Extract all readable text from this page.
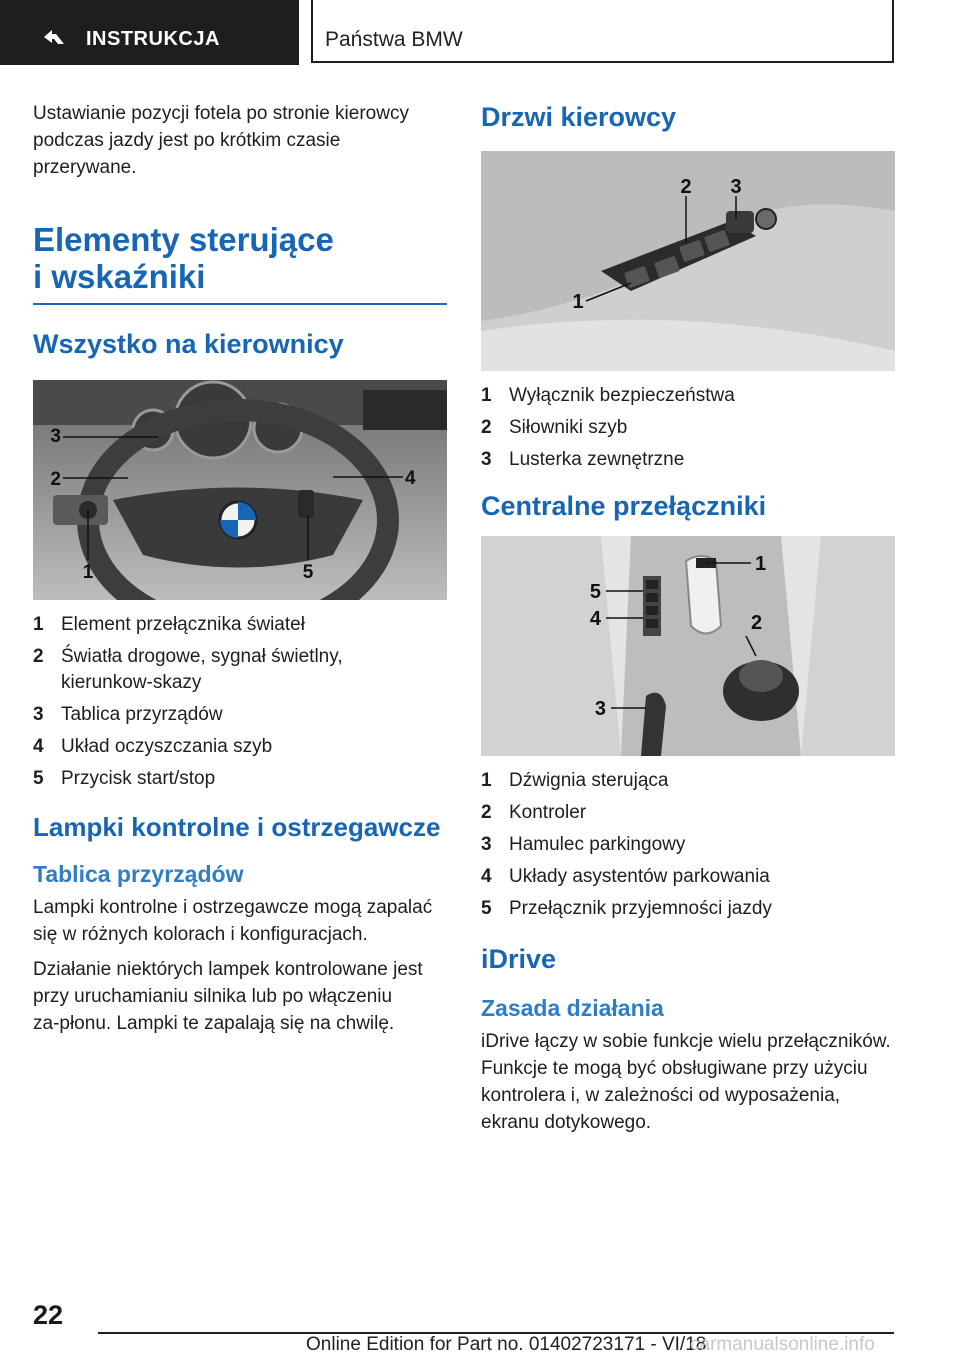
INSTRUKCJA	Państwa BMW

Ustawianie pozycji fotela po stronie kierowcy podczas jazdy jest po krótkim czasie przerywane.

Elementy sterujące
i wskaźniki
Wszystko na kierownicy
3
2	4
1	5
1 Element przełącznika świateł
2 Światła drogowe, sygnał świetlny, kierunkow‑skazy
3 Tablica przyrządów
4 Układ oczyszczania szyb
5 Przycisk start/stop
Lampki kontrolne i ostrzegawcze
Tablica przyrządów

Lampki kontrolne i ostrzegawcze mogą zapalać się w różnych kolorach i konfiguracjach.

Działanie niektórych lampek kontrolowane jest przy uruchamianiu silnika lub po włączeniu za‑płonu. Lampki te zapalają się na chwilę.

Drzwi kierowcy
2 3
1
1 Wyłącznik bezpieczeństwa
2 Siłowniki szyb
3 Lusterka zewnętrzne
Centralne przełączniki
1
2
5
4
3
1 Dźwignia sterująca
2 Kontroler
3 Hamulec parkingowy
4 Układy asystentów parkowania
5 Przełącznik przyjemności jazdy
iDrive
Zasada działania

iDrive łączy w sobie funkcje wielu przełączników. Funkcje te mogą być obsługiwane przy użyciu kontrolera i, w zależności od wyposażenia, ekranu dotykowego.

22
Online Edition for Part no. 01402723171 - VI/18
carmanualsonline.info
